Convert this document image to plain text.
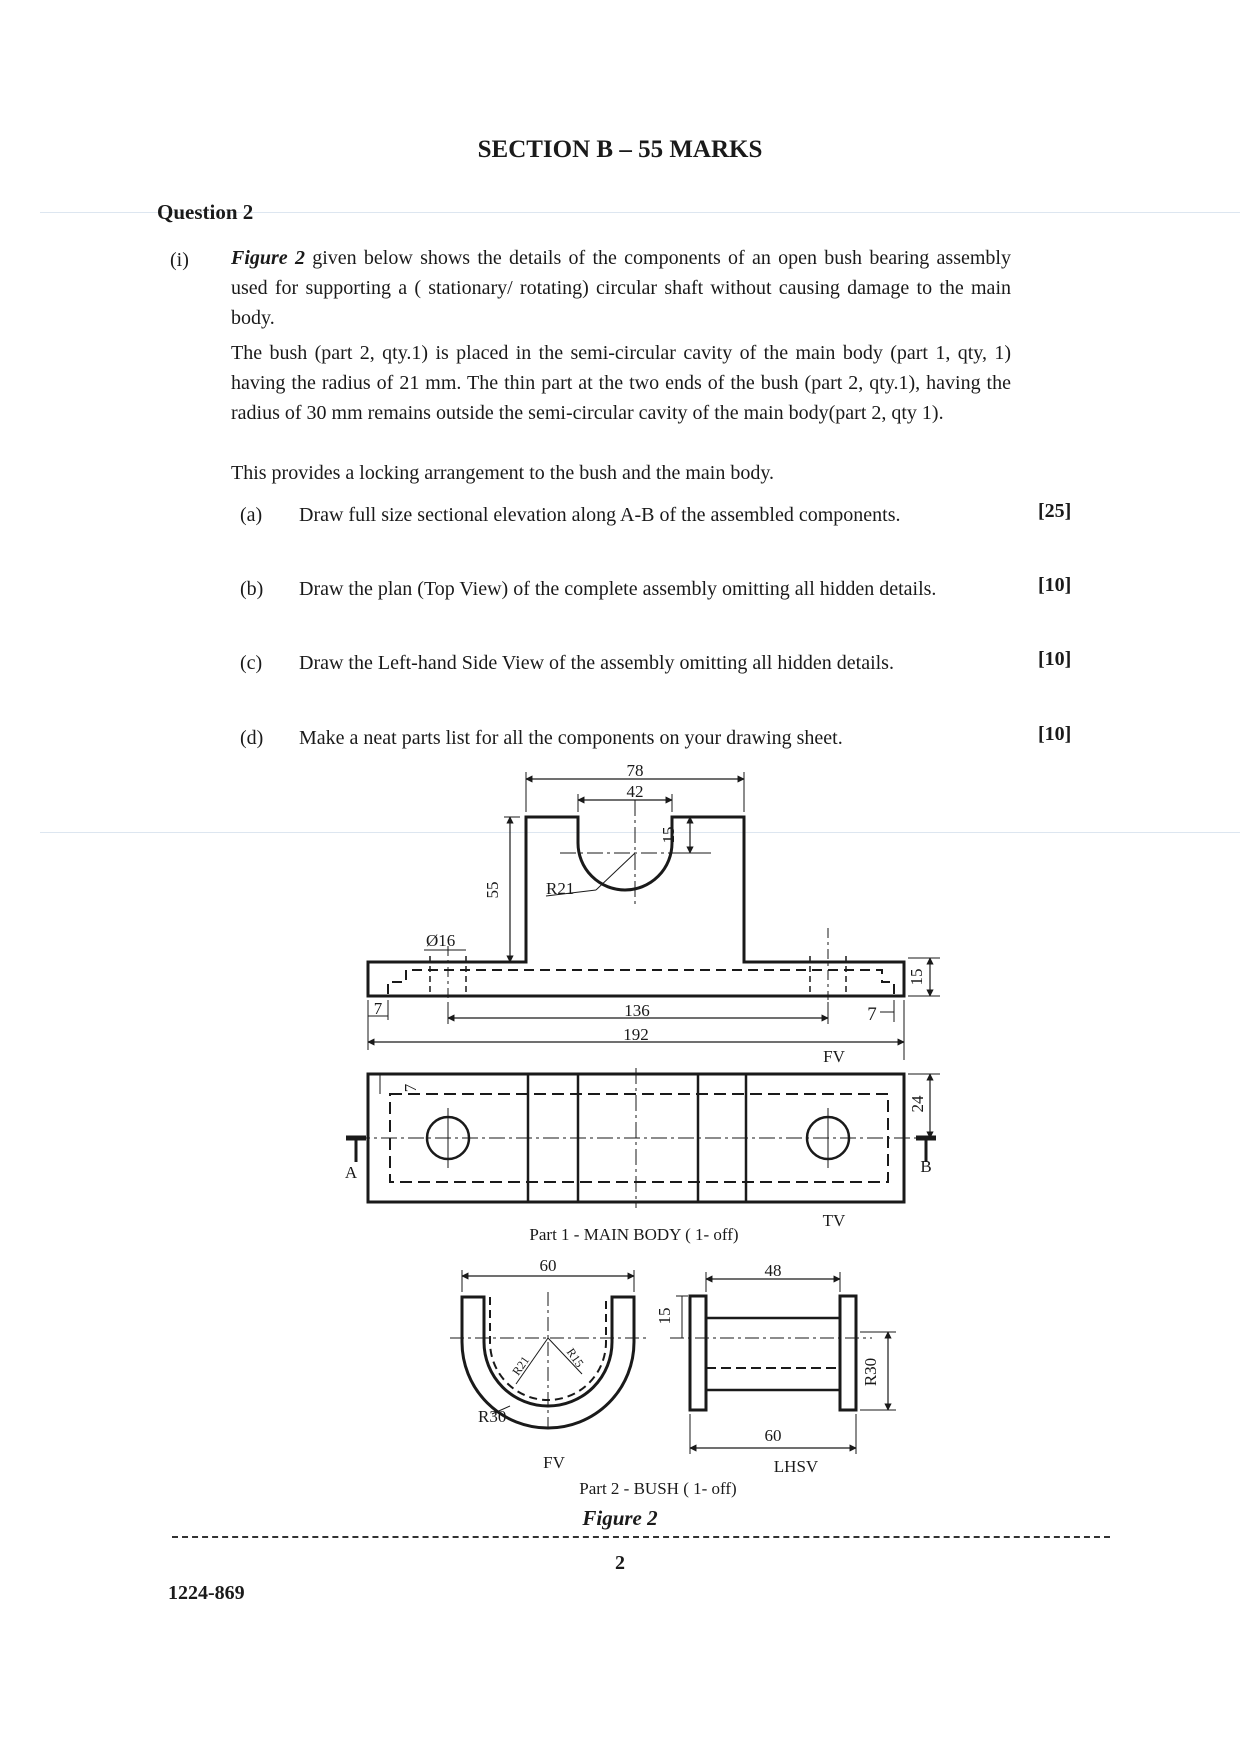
SECTION B – 55 MARKS
Question 2
(i) Figure 2 given below shows the details of the components of an open bush bearing assembly used for supporting a ( stationary/ rotating) circular shaft without causing damage to the main body.
The bush (part 2, qty.1) is placed in the semi-circular cavity of the main body (part 1, qty, 1) having the radius of 21 mm. The thin part at the two ends of the bush (part 2, qty.1), having the radius of 30 mm remains outside the semi-circular cavity of the main body(part 2, qty 1).
This provides a locking arrangement to the bush and the main body.
(a) Draw full size sectional elevation along A-B of the assembled components.	[25]
(b) Draw the plan (Top View) of the complete assembly omitting all hidden details.	[10]
(c) Draw the Left-hand Side View of the assembly omitting all hidden details.	[10]
(d) Make a neat parts list for all the components on your drawing sheet.	[10]
78
42
15
55	R21
Ø16
15
7	136	7
192
FV
7
24
A	B
TV
Part 1 - MAIN BODY ( 1- off)
60
R21	R15
R30
FV
48
15
R30
60
LHSV
Part 2 - BUSH ( 1- off)
Figure 2
2
1224-869
